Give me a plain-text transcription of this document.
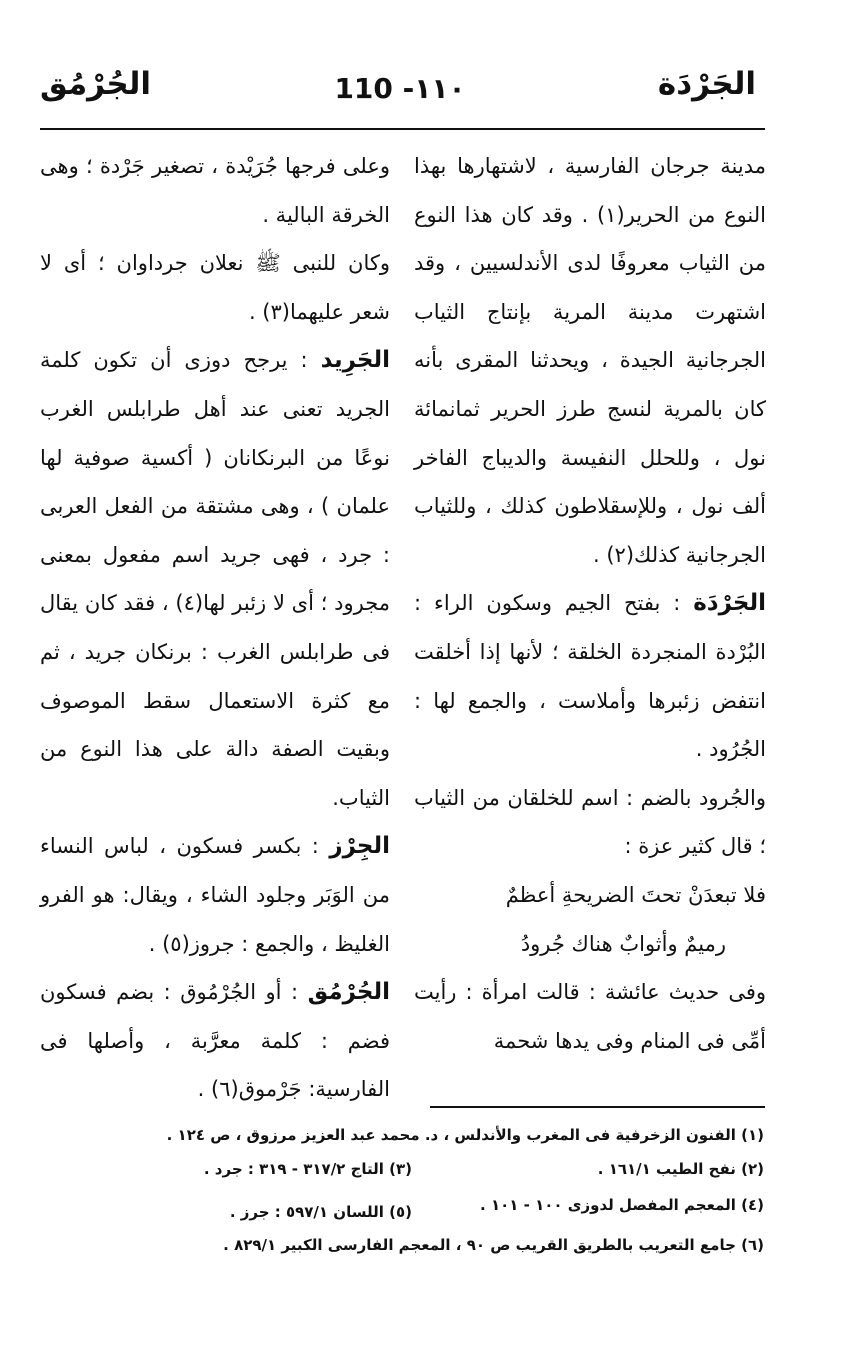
الجَرْدَة
110 -١١٠
الجُرْمُق

مدينة جرجان الفارسية ، لاشتهارها بهذا النوع من الحرير(١) . وقد كان هذا النوع من الثياب معروفًا لدى الأندلسيين ، وقد اشتهرت مدينة المرية بإنتاج الثياب الجرجانية الجيدة ، ويحدثنا المقرى بأنه كان بالمرية لنسج طرز الحرير ثمانمائة نول ، وللحلل النفيسة والديباج الفاخر ألف نول ، وللإسقلاطون كذلك ، وللثياب الجرجانية كذلك(٢) .

الجَرْدَة : بفتح الجيم وسكون الراء : البُرْدة المنجردة الخلقة ؛ لأنها إذا أخلقت انتفض زئبرها وأملاست ، والجمع لها : الجُرُود .

والجُرود بالضم : اسم للخلقان من الثياب ؛ قال كثير عزة :

فلا تبعدَنْ تحتَ الضريحةِ أعظمٌ
رميمٌ وأثوابٌ هناك جُرودُ

وفى حديث عائشة : قالت امرأة : رأيت أمِّى فى المنام وفى يدها شحمة

وعلى فرجها جُرَيْدة ، تصغير جَرْدة ؛ وهى الخرقة البالية .

وكان للنبى ﷺ نعلان جرداوان ؛ أى لا شعر عليهما(٣) .

الجَرِيد : يرجح دوزى أن تكون كلمة الجريد تعنى عند أهل طرابلس الغرب نوعًا من البرنكانان ( أكسية صوفية لها علمان ) ، وهى مشتقة من الفعل العربى : جرد ، فهى جريد اسم مفعول بمعنى مجرود ؛ أى لا زئبر لها(٤) ، فقد كان يقال فى طرابلس الغرب : برنكان جريد ، ثم مع كثرة الاستعمال سقط الموصوف وبقيت الصفة دالة على هذا النوع من الثياب.

الجِرْز : بكسر فسكون ، لباس النساء من الوَبَر وجلود الشاء ، ويقال: هو الفرو الغليظ ، والجمع : جروز(٥) .

الجُرْمُق : أو الجُرْمُوق : بضم فسكون فضم : كلمة معرَّبة ، وأصلها فى الفارسية: جَرْموق(٦) .

(١) الفنون الزخرفية فى المغرب والأندلس ، د. محمد عبد العزيز مرزوق ، ص ١٢٤ .
(٢) نفح الطيب ١٦١/١ .
(٣) التاج ٣١٧/٢ - ٣١٩ : جرد .
(٤) المعجم المفصل لدوزى ١٠٠ - ١٠١ .
(٥) اللسان ٥٩٧/١ : جرز .
(٦) جامع التعريب بالطريق القريب ص ٩٠ ، المعجم الفارسى الكبير ٨٢٩/١ .
